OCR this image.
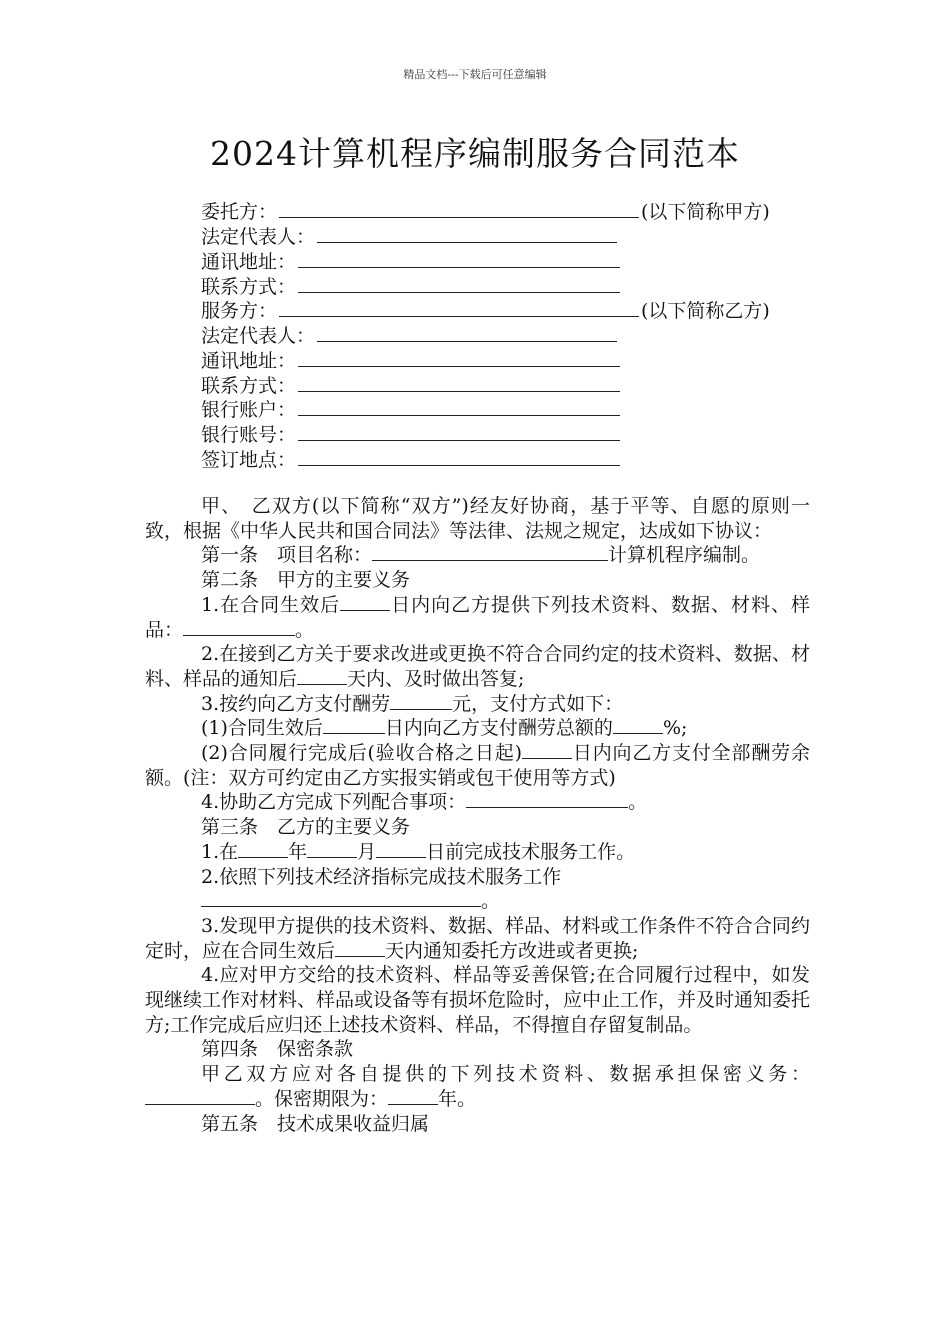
精品文档---下载后可任意编辑
2024计算机程序编制服务合同范本
委托方：	(以下简称甲方)
法定代表人：
通讯地址：
联系方式：
服务方：	(以下简称乙方)
法定代表人：
通讯地址：
联系方式：
银行账户：
银行账号：
签订地点：

甲、　乙双方(以下简称“双方”)经友好协商，基于平等、自愿的原则一致，根据《中华人民共和国合同法》等法律、法规之规定，达成如下协议：

第一条　项目名称：	计算机程序编制。

第二条　甲方的主要义务

1.在合同生效后	日内向乙方提供下列技术资料、数据、材料、样品：	。

2.在接到乙方关于要求改进或更换不符合合同约定的技术资料、数据、材料、样品的通知后	天内、及时做出答复;

3.按约向乙方支付酬劳	元，支付方式如下：

(1)合同生效后	日内向乙方支付酬劳总额的	%;

(2)合同履行完成后(验收合格之日起)	日内向乙方支付全部酬劳余额。(注：双方可约定由乙方实报实销或包干使用等方式)

4.协助乙方完成下列配合事项：	。

第三条　乙方的主要义务

1.在	年	月	日前完成技术服务工作。

2.依照下列技术经济指标完成技术服务工作
。

3.发现甲方提供的技术资料、数据、样品、材料或工作条件不符合合同约定时，应在合同生效后	天内通知委托方改进或者更换;

4.应对甲方交给的技术资料、样品等妥善保管;在合同履行过程中，如发现继续工作对材料、样品或设备等有损坏危险时，应中止工作，并及时通知委托方;工作完成后应归还上述技术资料、样品，不得擅自存留复制品。

第四条　保密条款

甲乙双方应对各自提供的下列技术资料、数据承担保密义务：。保密期限为：	年。

第五条　技术成果收益归属
